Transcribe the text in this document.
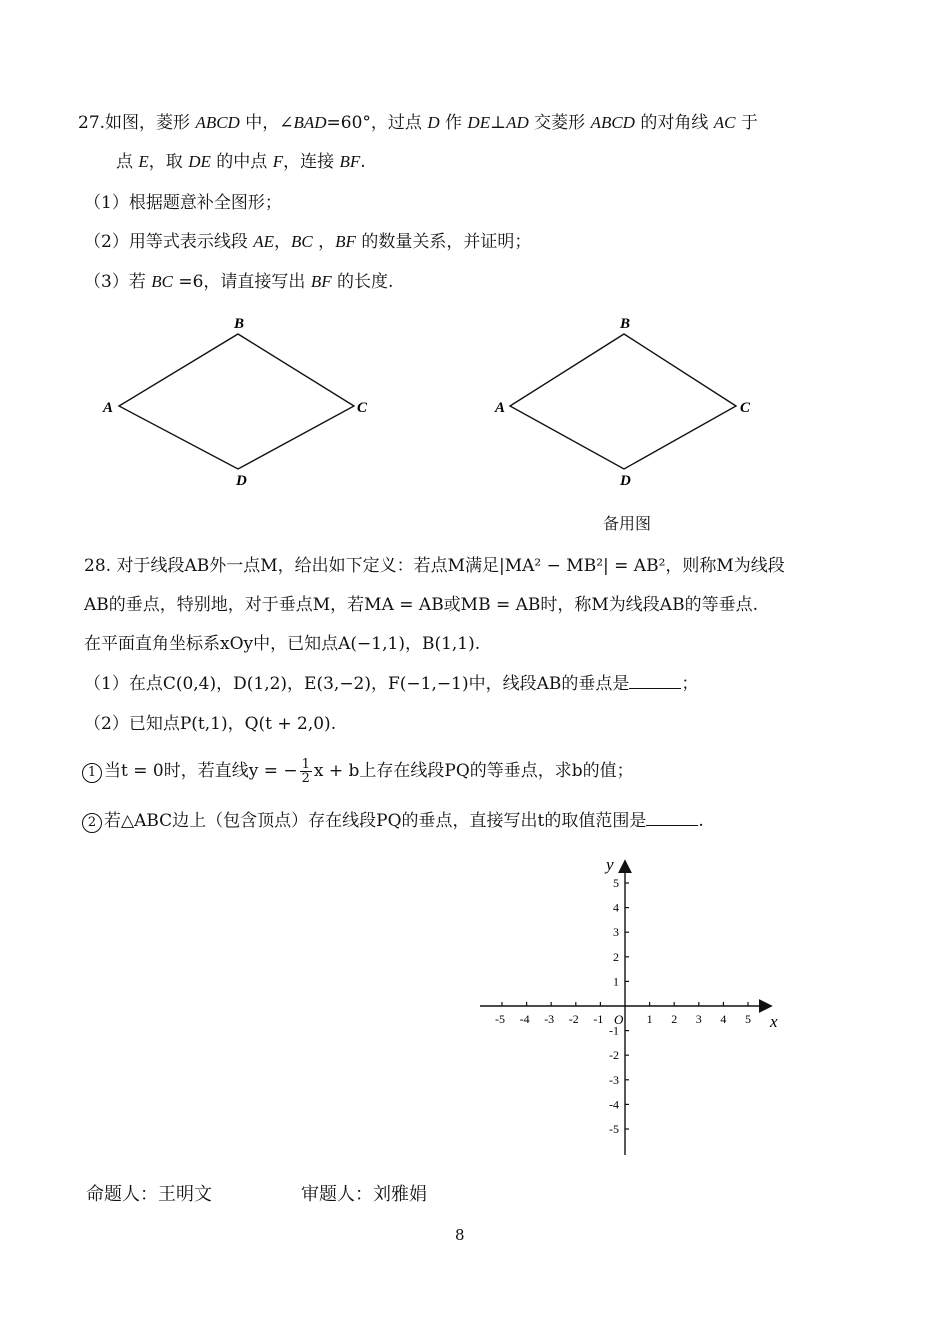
27.如图，菱形 ABCD 中，∠BAD=60°，过点 D 作 DE⊥AD 交菱形 ABCD 的对角线 AC 于
点 E，取 DE 的中点 F，连接 BF.
（1）根据题意补全图形；
（2）用等式表示线段 AE，BC ，BF 的数量关系，并证明；
（3）若 BC =6，请直接写出 BF 的长度.
B
A	C
D
B
A	C
D
备用图
28. 对于线段AB外一点M，给出如下定义：若点M满足|MA² − MB²| = AB²，则称M为线段
AB的垂点，特别地，对于垂点M，若MA = AB或MB = AB时，称M为线段AB的等垂点.
在平面直角坐标系xOy中，已知点A(−1,1)，B(1,1).
（1）在点C(0,4)，D(1,2)，E(3,−2)，F(−1,−1)中，线段AB的垂点是	；
（2）已知点P(t,1)，Q(t + 2,0).
1 当t = 0时，若直线y = − $\frac{1}{2}$ x + b上存在线段PQ的等垂点，求b的值；
2 若△ABC边上（包含顶点）存在线段PQ的垂点，直接写出t的取值范围是	.
-5 -4 -3 -2 -1	1 2 3 4 5
1
2
3
4
5
-1
-2
-3
-4
-5
x
y
O
命题人：王明文	审题人：刘雅娟
8
